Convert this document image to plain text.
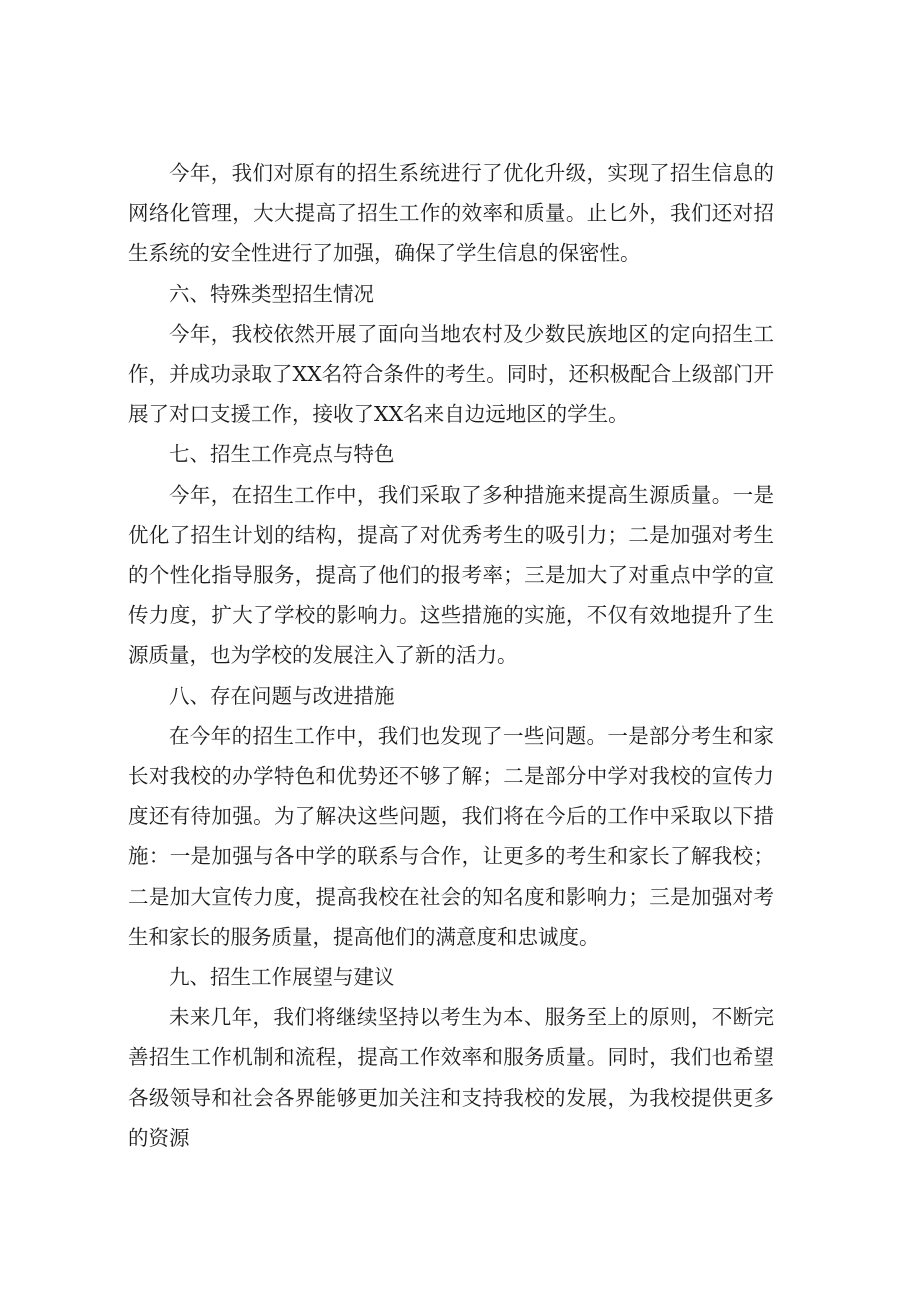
今年，我们对原有的招生系统进行了优化升级，实现了招生信息的网络化管理，大大提高了招生工作的效率和质量。止匕外，我们还对招生系统的安全性进行了加强，确保了学生信息的保密性。

六、特殊类型招生情况

今年，我校依然开展了面向当地农村及少数民族地区的定向招生工作，并成功录取了XX名符合条件的考生。同时，还积极配合上级部门开展了对口支援工作，接收了XX名来自边远地区的学生。

七、招生工作亮点与特色

今年，在招生工作中，我们采取了多种措施来提高生源质量。一是优化了招生计划的结构，提高了对优秀考生的吸引力；二是加强对考生的个性化指导服务，提高了他们的报考率；三是加大了对重点中学的宣传力度，扩大了学校的影响力。这些措施的实施，不仅有效地提升了生源质量，也为学校的发展注入了新的活力。

八、存在问题与改进措施

在今年的招生工作中，我们也发现了一些问题。一是部分考生和家长对我校的办学特色和优势还不够了解；二是部分中学对我校的宣传力度还有待加强。为了解决这些问题，我们将在今后的工作中采取以下措施：一是加强与各中学的联系与合作，让更多的考生和家长了解我校；二是加大宣传力度，提高我校在社会的知名度和影响力；三是加强对考生和家长的服务质量，提高他们的满意度和忠诚度。

九、招生工作展望与建议

未来几年，我们将继续坚持以考生为本、服务至上的原则，不断完善招生工作机制和流程，提高工作效率和服务质量。同时，我们也希望各级领导和社会各界能够更加关注和支持我校的发展，为我校提供更多的资源
